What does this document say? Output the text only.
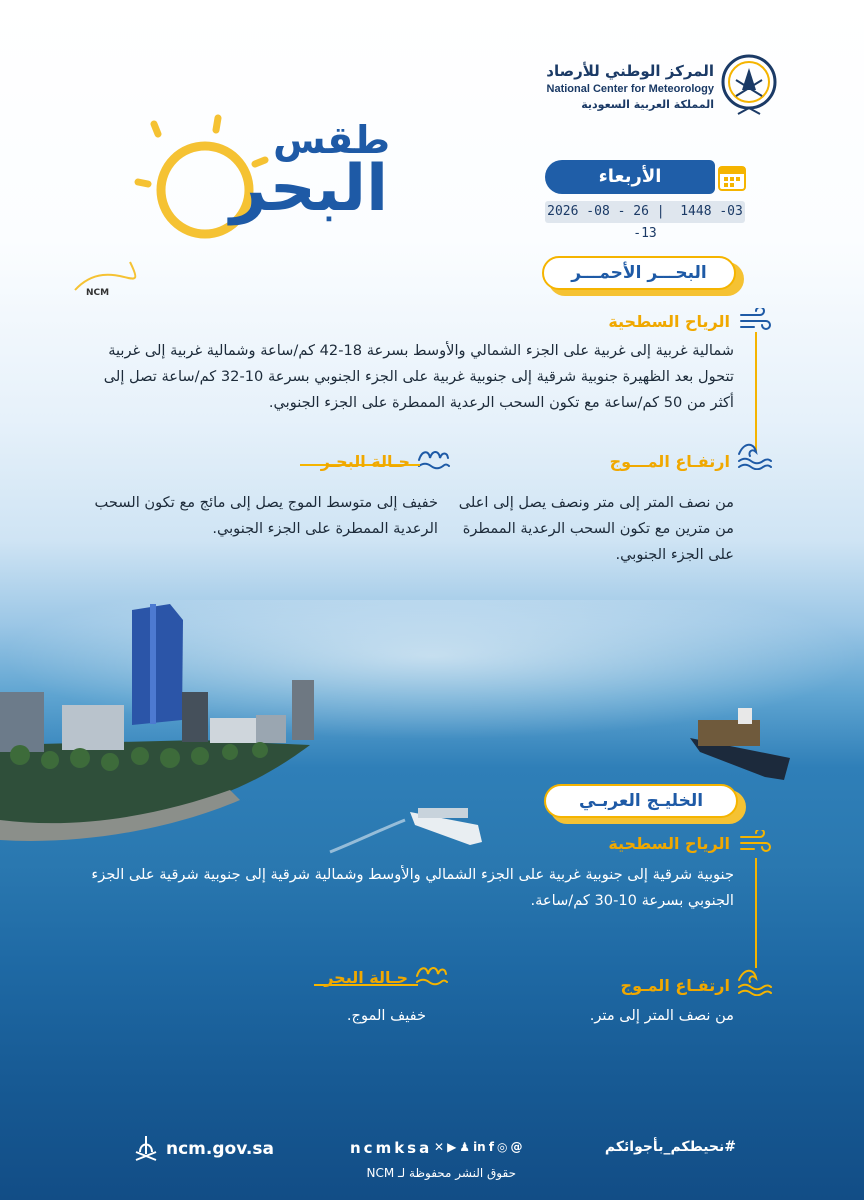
المركز الوطني للأرصاد
National Center for Meteorology
المملكة العربية السعودية
طقس
البحر
NCM
الأربعاء
2026 -08 - 26 |  1448 -03 -13
البحـــر الأحمـــر
الرياح السطحية
شمالية غربية إلى غربية على الجزء الشمالي والأوسط بسرعة 18-42 كم/ساعة وشمالية غربية إلى غربية تتحول بعد الظهيرة جنوبية شرقية إلى جنوبية غربية على الجزء الجنوبي بسرعة 10-32 كم/ساعة تصل إلى أكثر من 50 كم/ساعة مع تكون السحب الرعدية الممطرة على الجزء الجنوبي.
ارتفـاع المـــوج
من نصف المتر إلى متر ونصف يصل إلى اعلى من مترين مع تكون السحب الرعدية الممطرة على الجزء الجنوبي.
حـالة البحـر
خفيف إلى متوسط الموج يصل إلى مائج مع تكون السحب الرعدية الممطرة على الجزء الجنوبي.
الخليـج العربـي
الرياح السطحية
جنوبية شرقية إلى جنوبية غربية على الجزء الشمالي والأوسط وشمالية شرقية إلى جنوبية شرقية على الجزء الجنوبي بسرعة 10-30 كم/ساعة.
ارتفـاع المـوج
من نصف المتر إلى متر.
حـالة البحر
خفيف الموج.
ncm.gov.sa	ncmksa ✕ ▶ ♟ in f ◎ @	#نحيطكم_بأجوائكم
حقوق النشر محفوظة لـ NCM
